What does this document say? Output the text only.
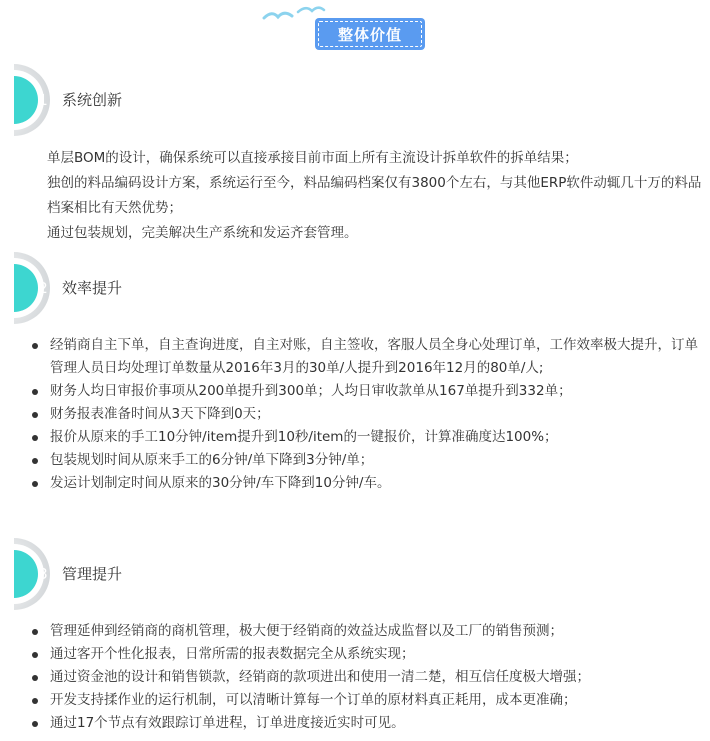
整体价值
1 系统创新

单层BOM的设计，确保系统可以直接承接目前市面上所有主流设计拆单软件的拆单结果；

独创的料品编码设计方案，系统运行至今，料品编码档案仅有3800个左右，与其他ERP软件动辄几十万的料品档案相比有天然优势；

通过包装规划，完美解决生产系统和发运齐套管理。

2 效率提升
经销商自主下单，自主查询进度，自主对账，自主签收，客服人员全身心处理订单，工作效率极大提升，订单管理人员日均处理订单数量从2016年3月的30单/人提升到2016年12月的80单/人;
财务人均日审报价事项从200单提升到300单；人均日审收款单从167单提升到332单；
财务报表准备时间从3天下降到0天；
报价从原来的手工10分钟/item提升到10秒/item的一键报价，计算准确度达100%；
包装规划时间从原来手工的6分钟/单下降到3分钟/单；
发运计划制定时间从原来的30分钟/车下降到10分钟/车。
3 管理提升
管理延伸到经销商的商机管理，极大便于经销商的效益达成监督以及工厂的销售预测；
通过客开个性化报表，日常所需的报表数据完全从系统实现；
通过资金池的设计和销售锁款，经销商的款项进出和使用一清二楚，相互信任度极大增强；
开发支持揉作业的运行机制，可以清晰计算每一个订单的原材料真正耗用，成本更准确；
通过17个节点有效跟踪订单进程，订单进度接近实时可见。
